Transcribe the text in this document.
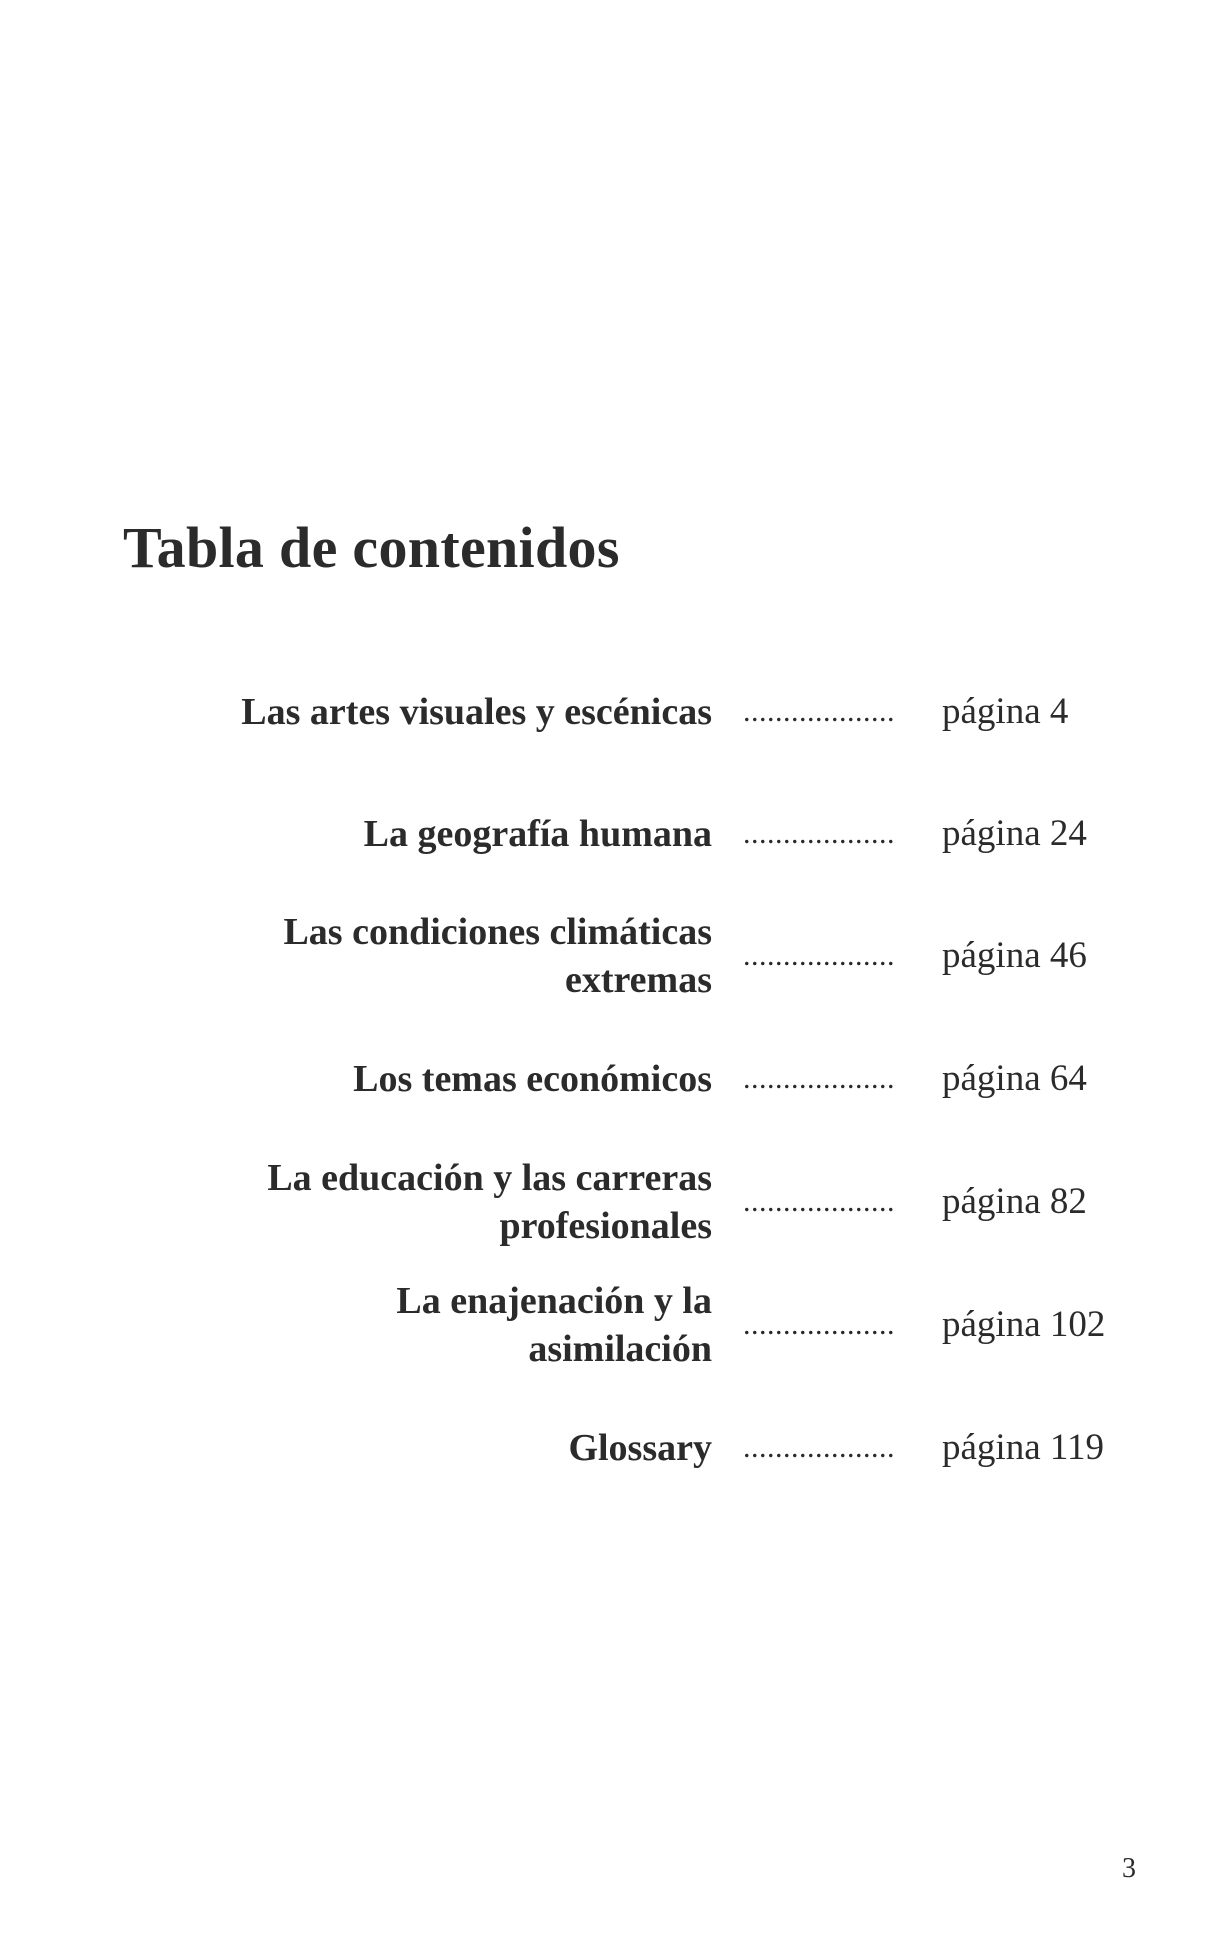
Tabla de contenidos
Las artes visuales y escénicas ................... página 4
La geografía humana ................... página 24
Las condiciones climáticas
extremas
................... página 46
Los temas económicos ................... página 64
La educación y las carreras
profesionales
................... página 82
La enajenación y la
asimilación
................... página 102
Glossary ................... página 119
3
